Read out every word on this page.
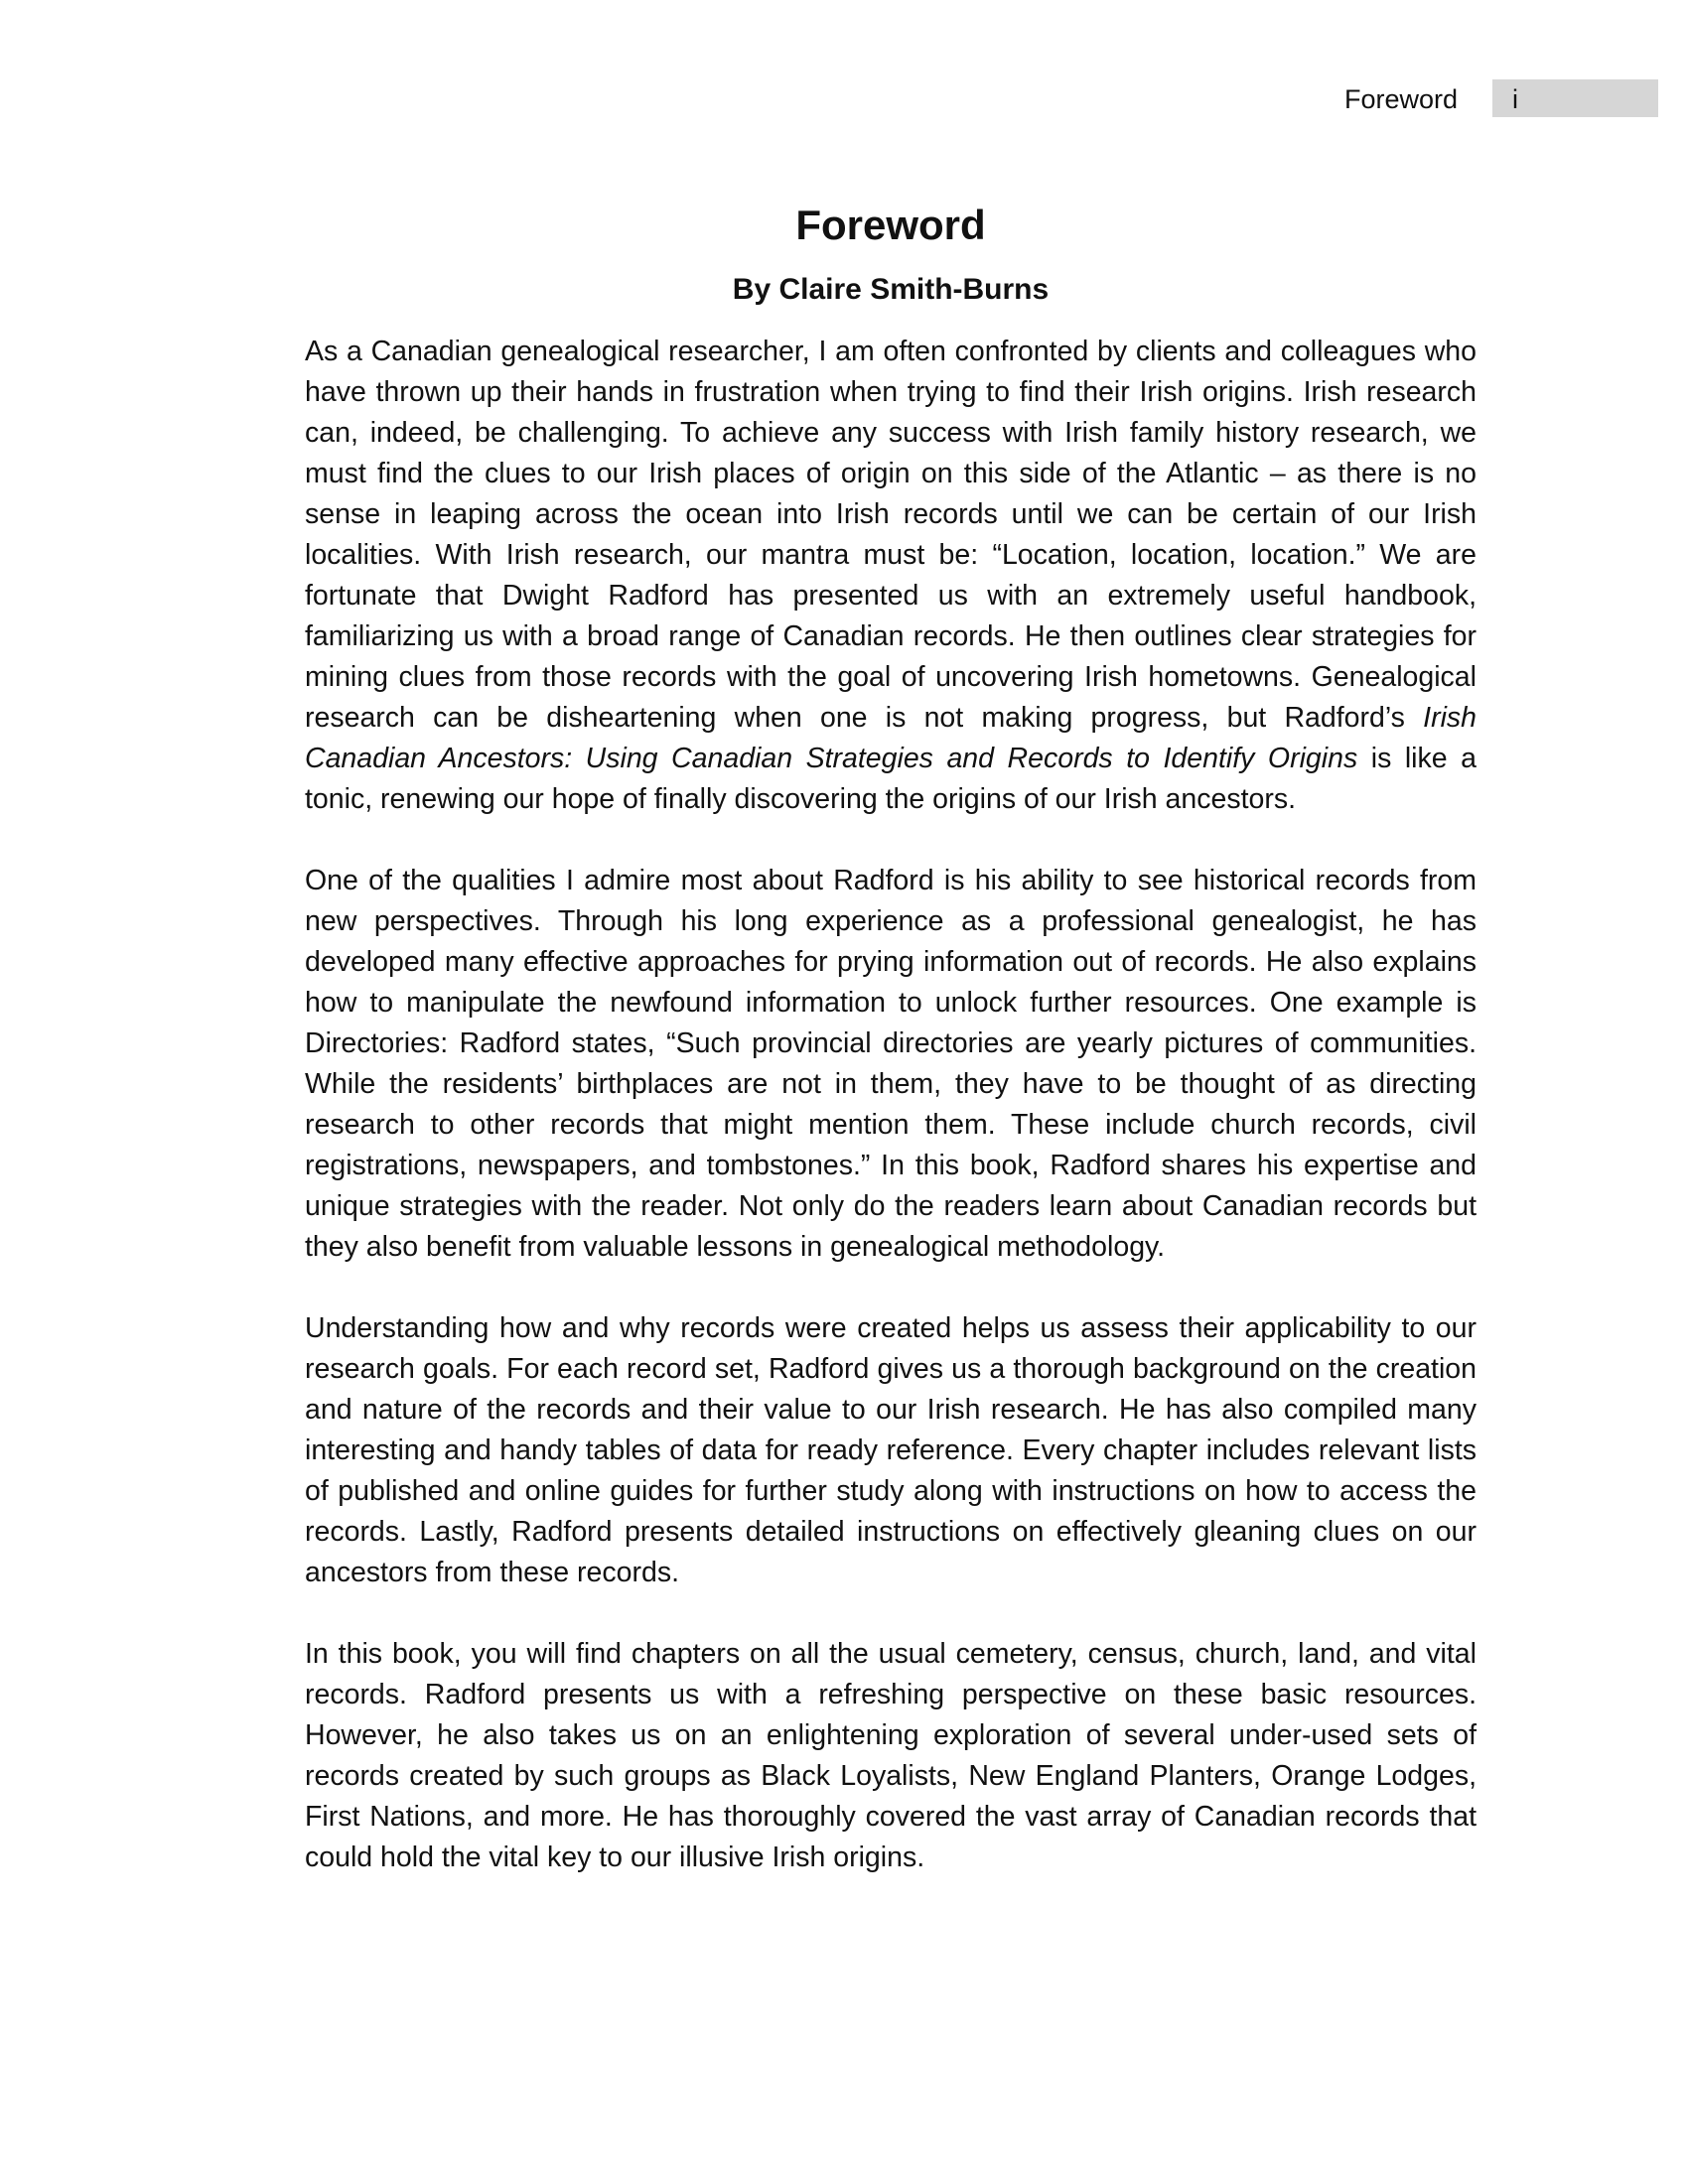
Foreword i
Foreword
By Claire Smith-Burns

As a Canadian genealogical researcher, I am often confronted by clients and colleagues who have thrown up their hands in frustration when trying to find their Irish origins. Irish research can, indeed, be challenging. To achieve any success with Irish family history research, we must find the clues to our Irish places of origin on this side of the Atlantic – as there is no sense in leaping across the ocean into Irish records until we can be certain of our Irish localities. With Irish research, our mantra must be: “Location, location, location.” We are fortunate that Dwight Radford has presented us with an extremely useful handbook, familiarizing us with a broad range of Canadian records. He then outlines clear strategies for mining clues from those records with the goal of uncovering Irish hometowns. Genealogical research can be disheartening when one is not making progress, but Radford’s Irish Canadian Ancestors: Using Canadian Strategies and Records to Identify Origins is like a tonic, renewing our hope of finally discovering the origins of our Irish ancestors.

One of the qualities I admire most about Radford is his ability to see historical records from new perspectives. Through his long experience as a professional genealogist, he has developed many effective approaches for prying information out of records. He also explains how to manipulate the newfound information to unlock further resources. One example is Directories: Radford states, “Such provincial directories are yearly pictures of communities. While the residents’ birthplaces are not in them, they have to be thought of as directing research to other records that might mention them. These include church records, civil registrations, newspapers, and tombstones.” In this book, Radford shares his expertise and unique strategies with the reader. Not only do the readers learn about Canadian records but they also benefit from valuable lessons in genealogical methodology.

Understanding how and why records were created helps us assess their applicability to our research goals. For each record set, Radford gives us a thorough background on the creation and nature of the records and their value to our Irish research. He has also compiled many interesting and handy tables of data for ready reference. Every chapter includes relevant lists of published and online guides for further study along with instructions on how to access the records. Lastly, Radford presents detailed instructions on effectively gleaning clues on our ancestors from these records.

In this book, you will find chapters on all the usual cemetery, census, church, land, and vital records. Radford presents us with a refreshing perspective on these basic resources. However, he also takes us on an enlightening exploration of several under-used sets of records created by such groups as Black Loyalists, New England Planters, Orange Lodges, First Nations, and more. He has thoroughly covered the vast array of Canadian records that could hold the vital key to our illusive Irish origins.
